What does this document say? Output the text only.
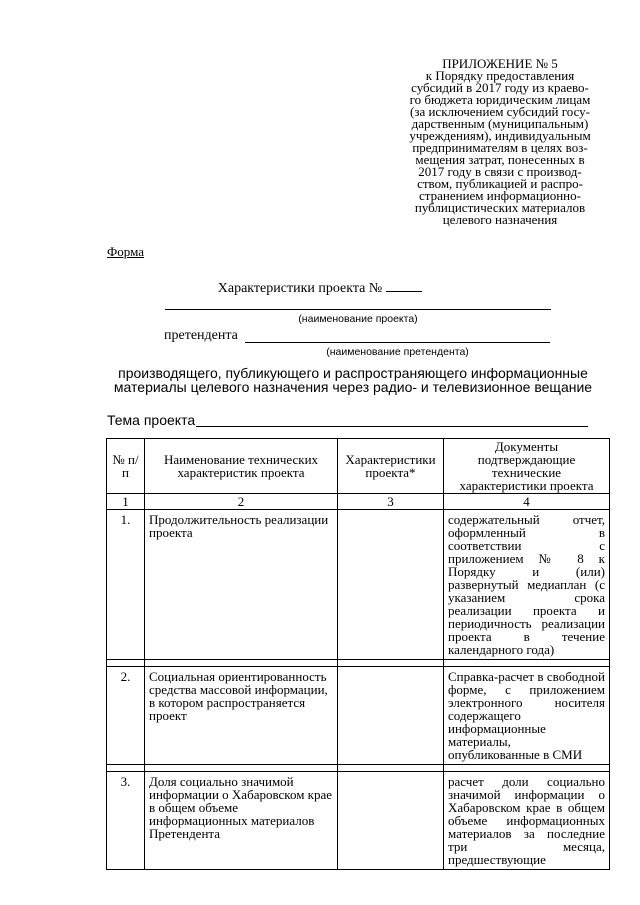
ПРИЛОЖЕНИЕ № 5
к Порядку предоставления
субсидий в 2017 году из краево-
го бюджета юридическим лицам
(за исключением субсидий госу-
дарственным (муниципальным)
учреждениям), индивидуальным
предпринимателям в целях воз-
мещения затрат, понесенных в
2017 году в связи с производ-
ством, публикацией и распро-
странением информационно-
публицистических материалов
целевого назначения
Форма
Характеристики проекта №
(наименование проекта)
претендента
(наименование претендента)
производящего, публикующего и распространяющего информационные материалы целевого назначения через радио- и телевизионное вещание
Тема проекта
№ п/п	Наименование технических характеристик проекта	Характеристики проекта*	Документы подтверждающие технические характеристики проекта
1	2	3	4
1.	Продолжительность реализации проекта		содержательный отчет, оформленный в соответствии с приложением № 8 к Порядку и (или) развернутый медиаплан (с указанием срока реализации проекта и периодичность реализации проекта в течение календарного года)

2.	Социальная ориентированность средства массовой информации, в котором распространяется проект		Справка-расчет в свободной форме, с приложением электронного носителя содержащего информационные материалы, опубликованные в СМИ

3.	Доля социально значимой информации о Хабаровском крае в общем объеме информационных материалов Претендента		расчет доли социально значимой информации о Хабаровском крае в общем объеме информационных материалов за последние три месяца, предшествующие
